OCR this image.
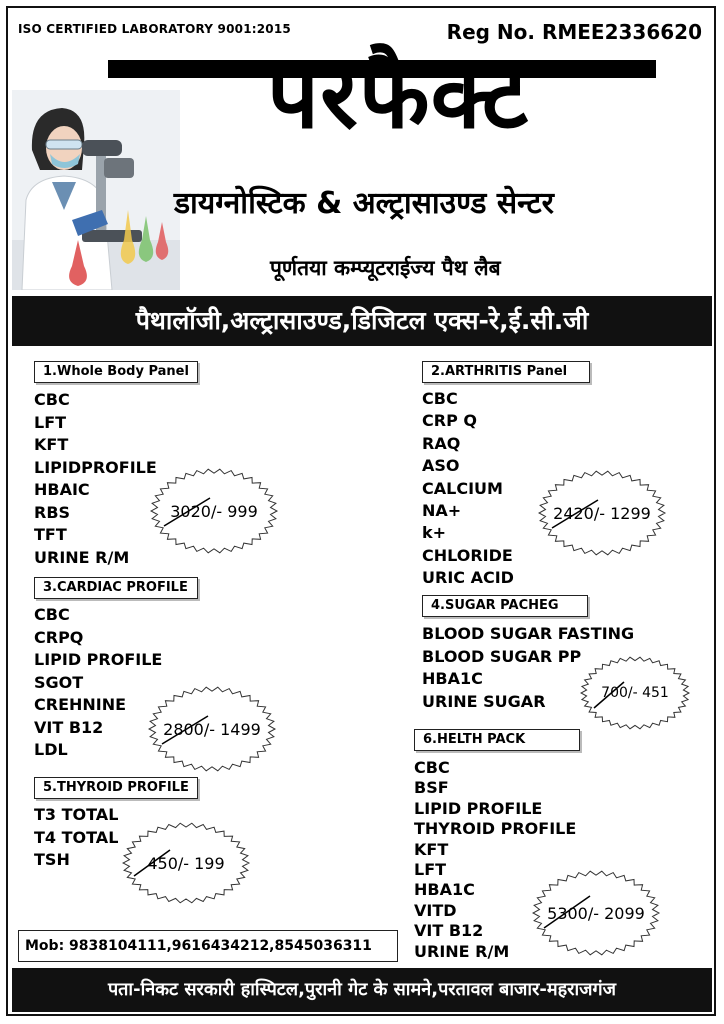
ISO CERTIFIED LABORATORY 9001:2015	Reg No. RMEE2336620
परफैक्ट
डायग्नोस्टिक & अल्ट्रासाउण्ड सेन्टर
पूर्णतया कम्प्यूटराईज्य पैथ लैब
पैथालॉजी,अल्ट्रासाउण्ड,डिजिटल एक्स-रे,ई.सी.जी
1.Whole Body Panel
CBC
LFT
KFT
LIPIDPROFILE
HBAIC
RBS
TFT
URINE R/M
3020/- 999
2.ARTHRITIS Panel
CBC
CRP Q
RAQ
ASO
CALCIUM
NA+
k+
CHLORIDE
URIC ACID
2420/- 1299
3.CARDIAC PROFILE
CBC
CRPQ
LIPID PROFILE
SGOT
CREHNINE
VIT B12
LDL
2800/- 1499
4.SUGAR PACHEG
BLOOD SUGAR FASTING
BLOOD SUGAR PP
HBA1C
URINE SUGAR	700/- 451
5.THYROID PROFILE
T3 TOTAL
T4 TOTAL
TSH	450/- 199
6.HELTH PACK
CBC
BSF
LIPID PROFILE
THYROID PROFILE
KFT
LFT
HBA1C
VITD
VIT B12
URINE R/M
5300/- 2099
Mob: 9838104111,9616434212,8545036311
पता-निकट सरकारी हास्पिटल,पुरानी गेट के सामने,परतावल बाजार-महराजगंज
